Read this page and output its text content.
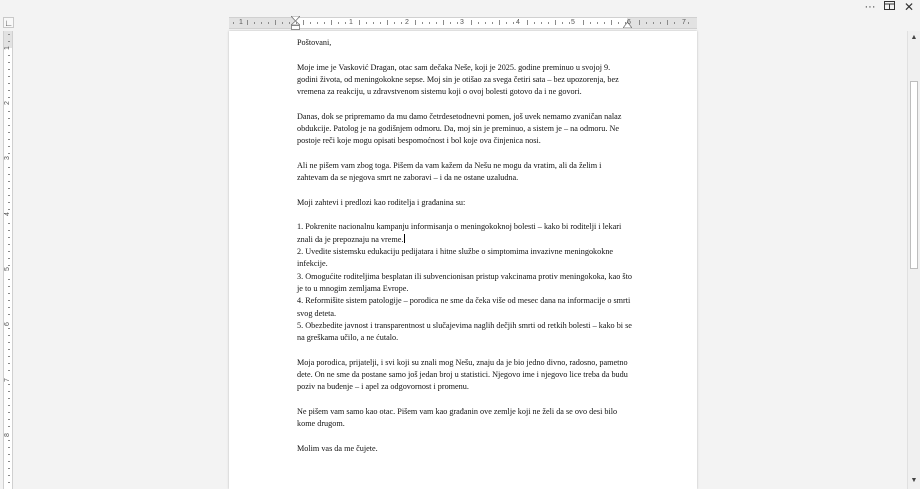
··· ✕
∟	1	1	2	3	4	5	6	7
1
2
3
4
5
6
7
8

Poštovani,

Moje ime je Vasković Dragan, otac sam dečaka Neše, koji je 2025. godine preminuo u svojoj 9. godini života, od meningokokne sepse. Moj sin je otišao za svega četiri sata – bez upozorenja, bez vremena za reakciju, u zdravstvenom sistemu koji o ovoj bolesti gotovo da i ne govori.

Danas, dok se pripremamo da mu damo četrdesetodnevni pomen, još uvek nemamo zvaničan nalaz obdukcije. Patolog je na godišnjem odmoru. Da, moj sin je preminuo, a sistem je – na odmoru. Ne postoje reči koje mogu opisati bespomoćnost i bol koje ova činjenica nosi.

Ali ne pišem vam zbog toga. Pišem da vam kažem da Nešu ne mogu da vratim, ali da želim i zahtevam da se njegova smrt ne zaboravi – i da ne ostane uzaludna.

Moji zahtevi i predlozi kao roditelja i građanina su:

1. Pokrenite nacionalnu kampanju informisanja o meningokoknoj bolesti – kako bi roditelji i lekari znali da je prepoznaju na vreme.

2. Uvedite sistemsku edukaciju pedijatara i hitne službe o simptomima invazivne meningokokne infekcije.

3. Omogućite roditeljima besplatan ili subvencionisan pristup vakcinama protiv meningokoka, kao što je to u mnogim zemljama Evrope.

4. Reformišite sistem patologije – porodica ne sme da čeka više od mesec dana na informacije o smrti svog deteta.

5. Obezbedite javnost i transparentnost u slučajevima naglih dečjih smrti od retkih bolesti – kako bi se na greškama učilo, a ne ćutalo.

Moja porodica, prijatelji, i svi koji su znali mog Nešu, znaju da je bio jedno divno, radosno, pametno dete. On ne sme da postane samo još jedan broj u statistici. Njegovo ime i njegovo lice treba da budu poziv na buđenje – i apel za odgovornost i promenu.

Ne pišem vam samo kao otac. Pišem vam kao građanin ove zemlje koji ne želi da se ovo desi bilo kome drugom.

Molim vas da me čujete.

▲
▼
